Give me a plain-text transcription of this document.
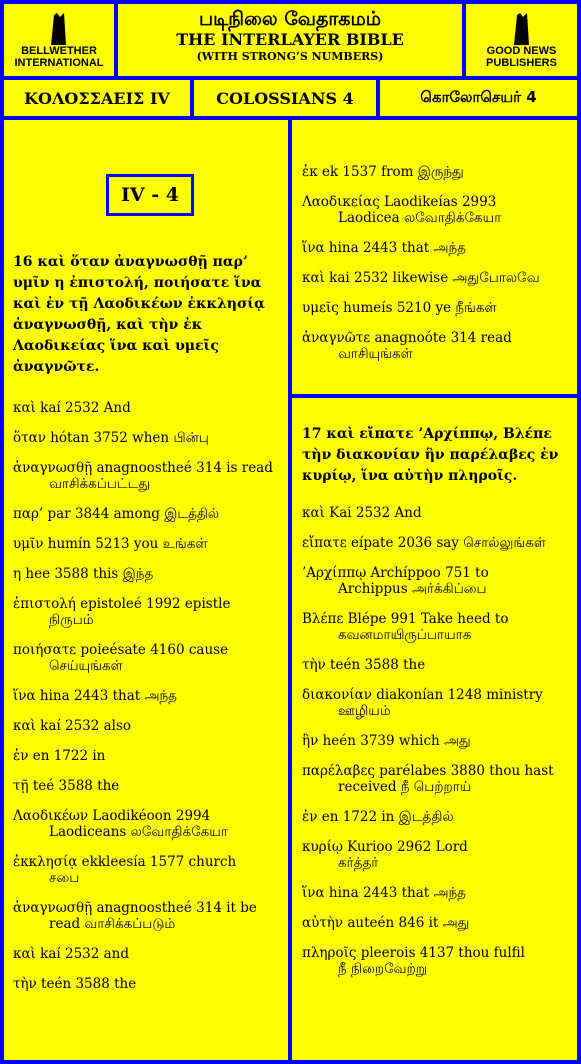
BELLWETHER
INTERNATIONAL
படிநிலை வேதாகமம்
THE INTERLAYER BIBLE
(WITH STRONG’S NUMBERS)	GOOD NEWS
PUBLISHERS
ΚΟΛΟΣΣΑΕΙΣ IV	COLOSSIANS 4	கொலோசெயர் 4
IV - 4

16 καὶ ὅταν ἀναγνωσθῇ παρ’ υμῖν η ἐπιστολή, ποιήσατε ἵνα καὶ ἐν τῇ Λαοδικέων ἐκκλησίᾳ ἀναγνωσθῇ, καὶ τὴν ἐκ Λαοδικείας ἵνα καὶ υμεῖς ἀναγνῶτε.

καὶ kaí 2532 And

ὅταν hótan 3752 when பின்பு

ἀναγνωσθῇ anagnoostheé 314 is read
வாசிக்கப்பட்டது

παρ’ par 3844 among இடத்தில்

υμῖν humín 5213 you உங்கள்

η hee 3588 this இந்த

ἐπιστολή epistoleé 1992 epistle
நிருபம்

ποιήσατε poieésate 4160 cause
செய்யுங்கள்

ἵνα hina 2443 that அந்த

καὶ kaí 2532 also

ἐν en 1722 in

τῇ teé 3588 the

Λαοδικέων Laodikéoon 2994
Laodiceans லவோதிக்கேயா

ἐκκλησίᾳ ekkleesía 1577 church
சபை

ἀναγνωσθῇ anagnoostheé 314 it be
read வாசிக்கப்படும்

καὶ kaí 2532 and

τὴν teén 3588 the

ἐκ ek 1537 from இருந்து

Λαοδικείας Laodikeías 2993
Laodicea லவோதிக்கேயா

ἵνα hina 2443 that அந்த

καὶ kai 2532 likewise அதுபோலவே

υμεῖς humeís 5210 ye நீங்கள்

ἀναγνῶτε anagnoóte 314 read
வாசியுங்கள்

17 καὶ εἴπατε ’Αρχίππῳ, Βλέπε τὴν διακονίαν ἣν παρέλαβες ἐν κυρίῳ, ἵνα αὐτὴν πληροῖς.

καὶ Kai 2532 And

εἴπατε eípate 2036 say சொல்லுங்கள்

’Αρχίππῳ Archíppoo 751 to
Archippus அர்க்கிப்பை

Βλέπε Blépe 991 Take heed to
கவனமாயிருப்பாயாக

τὴν teén 3588 the

διακονίαν diakonían 1248 ministry
ஊழியம்

ἣν heén 3739 which அது

παρέλαβες parélabes 3880 thou hast
received நீ பெற்றாய்

ἐν en 1722 in இடத்தில்

κυρίῳ Kurioo 2962 Lord
கர்த்தர்

ἵνα hina 2443 that அந்த

αὐτὴν auteén 846 it அது

πληροῖς pleerois 4137 thou fulfil
நீ நிறைவேற்று
